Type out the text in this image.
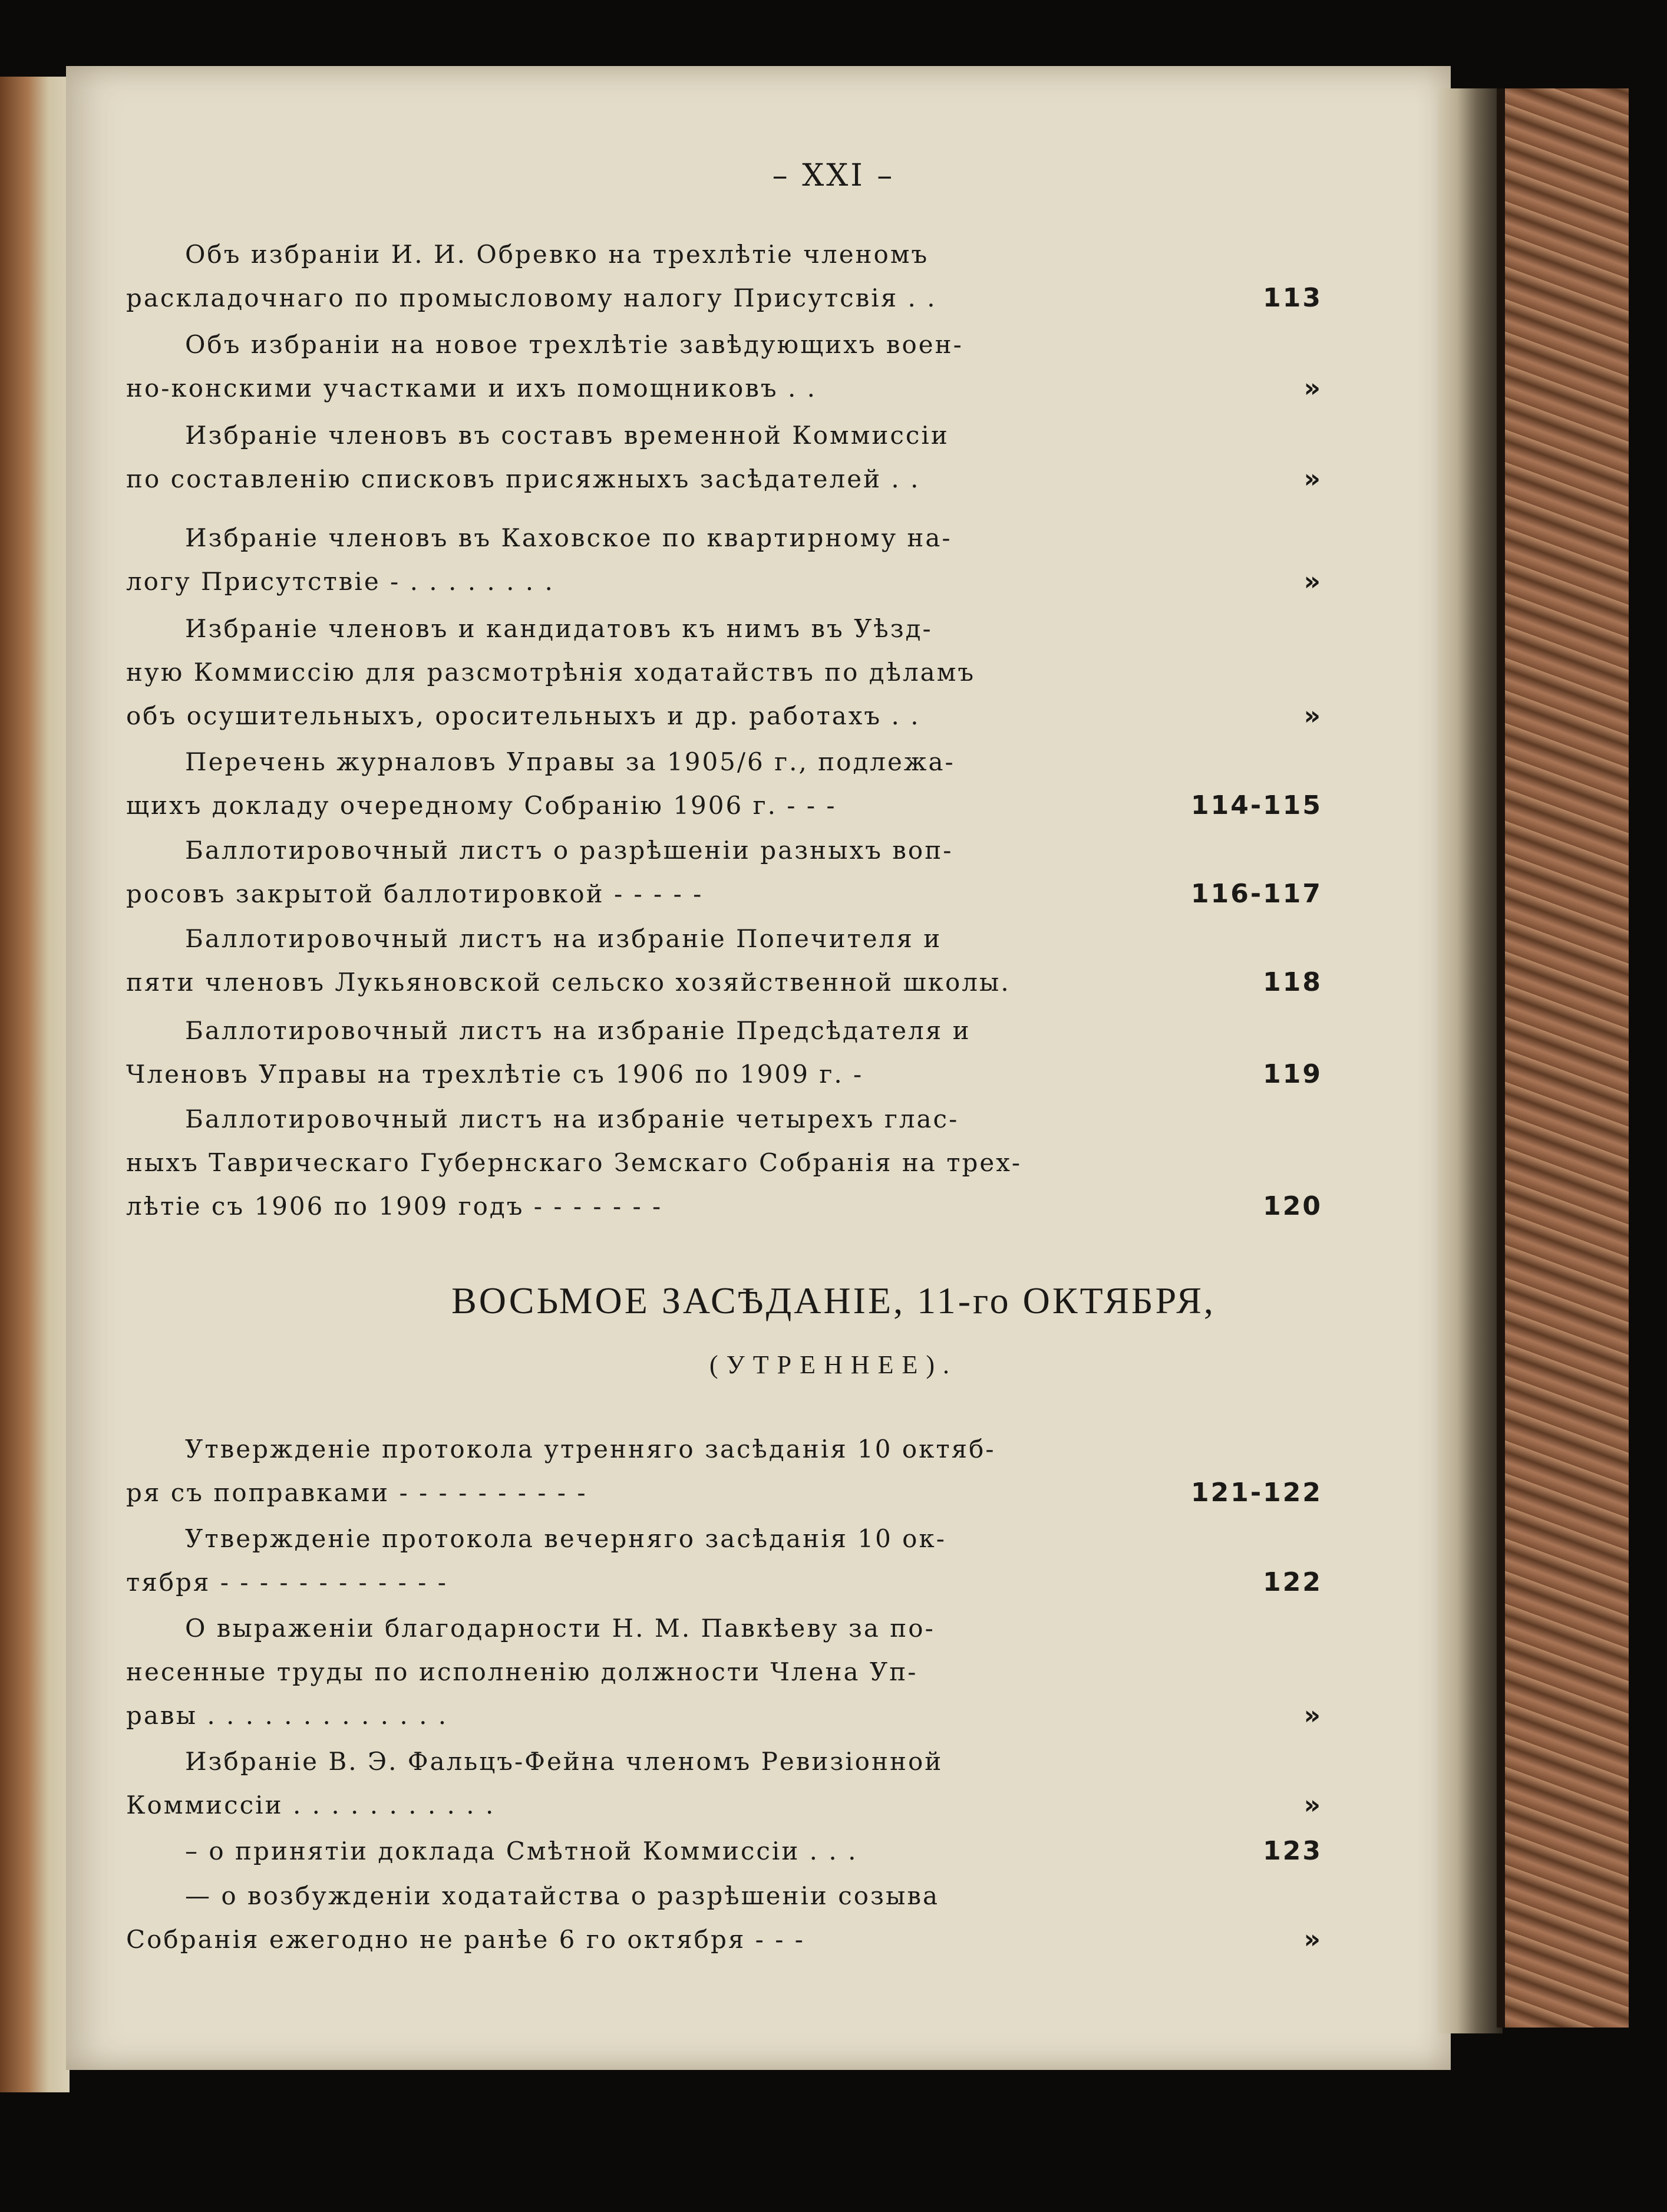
– XXI –
Объ избраніи И. И. Обревко на трехлѣтіе членомъ
раскладочнаго по промысловому налогу Присутсвія . .	113
Объ избраніи на новое трехлѣтіе завѣдующихъ воен-
но-конскими участками и ихъ помощниковъ . .	»
Избраніе членовъ въ составъ временной Коммиссіи
по составленію списковъ присяжныхъ засѣдателей . .	»
Избраніе членовъ въ Каховское по квартирному на-
логу Присутствіе - . . . . . . . .	»
Избраніе членовъ и кандидатовъ къ нимъ въ Уѣзд-
ную Коммиссію для разсмотрѣнія ходатайствъ по дѣламъ
объ осушительныхъ, оросительныхъ и др. работахъ . .	»
Перечень журналовъ Управы за 1905/6 г., подлежа-
щихъ докладу очередному Собранію 1906 г. - - -	114-115
Баллотировочный листъ о разрѣшеніи разныхъ воп-
росовъ закрытой баллотировкой - - - - -	116-117
Баллотировочный листъ на избраніе Попечителя и
пяти членовъ Лукьяновской сельско хозяйственной школы.	118
Баллотировочный листъ на избраніе Предсѣдателя и
Членовъ Управы на трехлѣтіе съ 1906 по 1909 г. -	119
Баллотировочный листъ на избраніе четырехъ глас-
ныхъ Таврическаго Губернскаго Земскаго Собранія на трех-
лѣтіе съ 1906 по 1909 годъ - - - - - - -	120
ВОСЬМОЕ ЗАСѢДАНІЕ, 11-го ОКТЯБРЯ,
(УТРЕННЕЕ).
Утвержденіе протокола утренняго засѣданія 10 октяб-
ря съ поправками - - - - - - - - - -	121-122
Утвержденіе протокола вечерняго засѣданія 10 ок-
тября - - - - - - - - - - - -	122
О выраженіи благодарности Н. М. Павкѣеву за по-
несенные труды по исполненію должности Члена Уп-
равы . . . . . . . . . . . . .	»
Избраніе В. Э. Фальцъ-Фейна членомъ Ревизіонной
Коммиссіи . . . . . . . . . . .	»
– о принятіи доклада Смѣтной Коммиссіи . . .	123
— о возбужденіи ходатайства о разрѣшеніи созыва
Собранія ежегодно не ранѣе 6 го октября - - -	»
